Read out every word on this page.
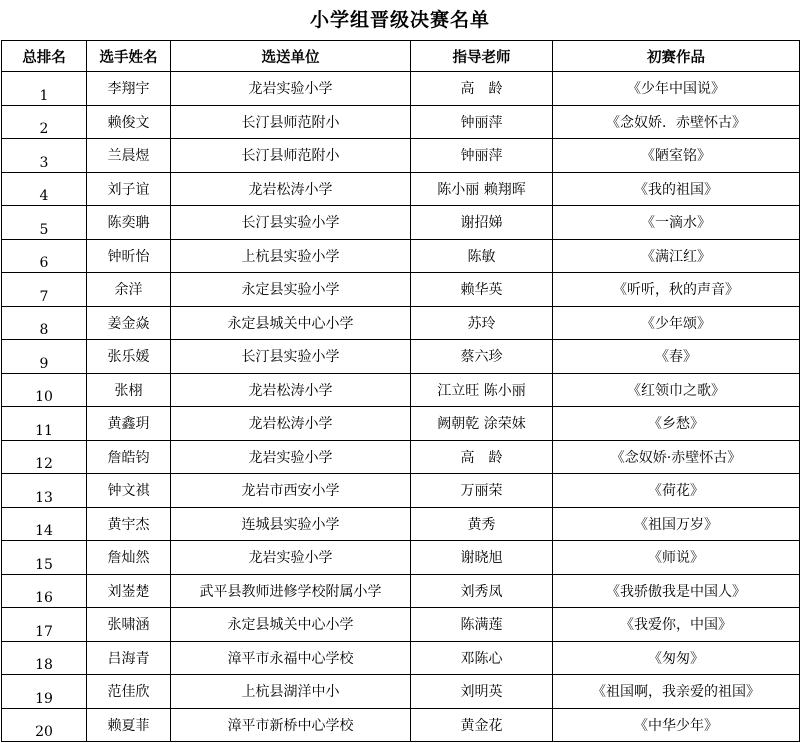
小学组晋级决赛名单
总排名	选手姓名	选送单位	指导老师	初赛作品
1	李翔宇	龙岩实验小学	高　龄	《少年中国说》
2	赖俊文	长汀县师范附小	钟丽萍	《念奴娇．赤壁怀古》
3	兰晨煜	长汀县师范附小	钟丽萍	《陋室铭》
4	刘子谊	龙岩松涛小学	陈小丽 赖翔晖	《我的祖国》
5	陈奕聃	长汀县实验小学	谢招娣	《一滴水》
6	钟昕怡	上杭县实验小学	陈敏	《满江红》
7	余洋	永定县实验小学	赖华英	《听听，秋的声音》
8	姜金焱	永定县城关中心小学	苏玲	《少年颂》
9	张乐媛	长汀县实验小学	蔡六珍	《春》
10	张栩	龙岩松涛小学	江立旺 陈小丽	《红领巾之歌》
11	黄鑫玥	龙岩松涛小学	阙朝乾 涂荣妹	《乡愁》
12	詹皓钧	龙岩实验小学	高　龄	《念奴娇·赤壁怀古》
13	钟文祺	龙岩市西安小学	万丽荣	《荷花》
14	黄宇杰	连城县实验小学	黄秀	《祖国万岁》
15	詹灿然	龙岩实验小学	谢晓旭	《师说》
16	刘崟楚	武平县教师进修学校附属小学	刘秀凤	《我骄傲我是中国人》
17	张啸涵	永定县城关中心小学	陈满莲	《我爱你，中国》
18	吕海青	漳平市永福中心学校	邓陈心	《匆匆》
19	范佳欣	上杭县湖洋中小	刘明英	《祖国啊，我亲爱的祖国》
20	赖夏菲	漳平市新桥中心学校	黄金花	《中华少年》
